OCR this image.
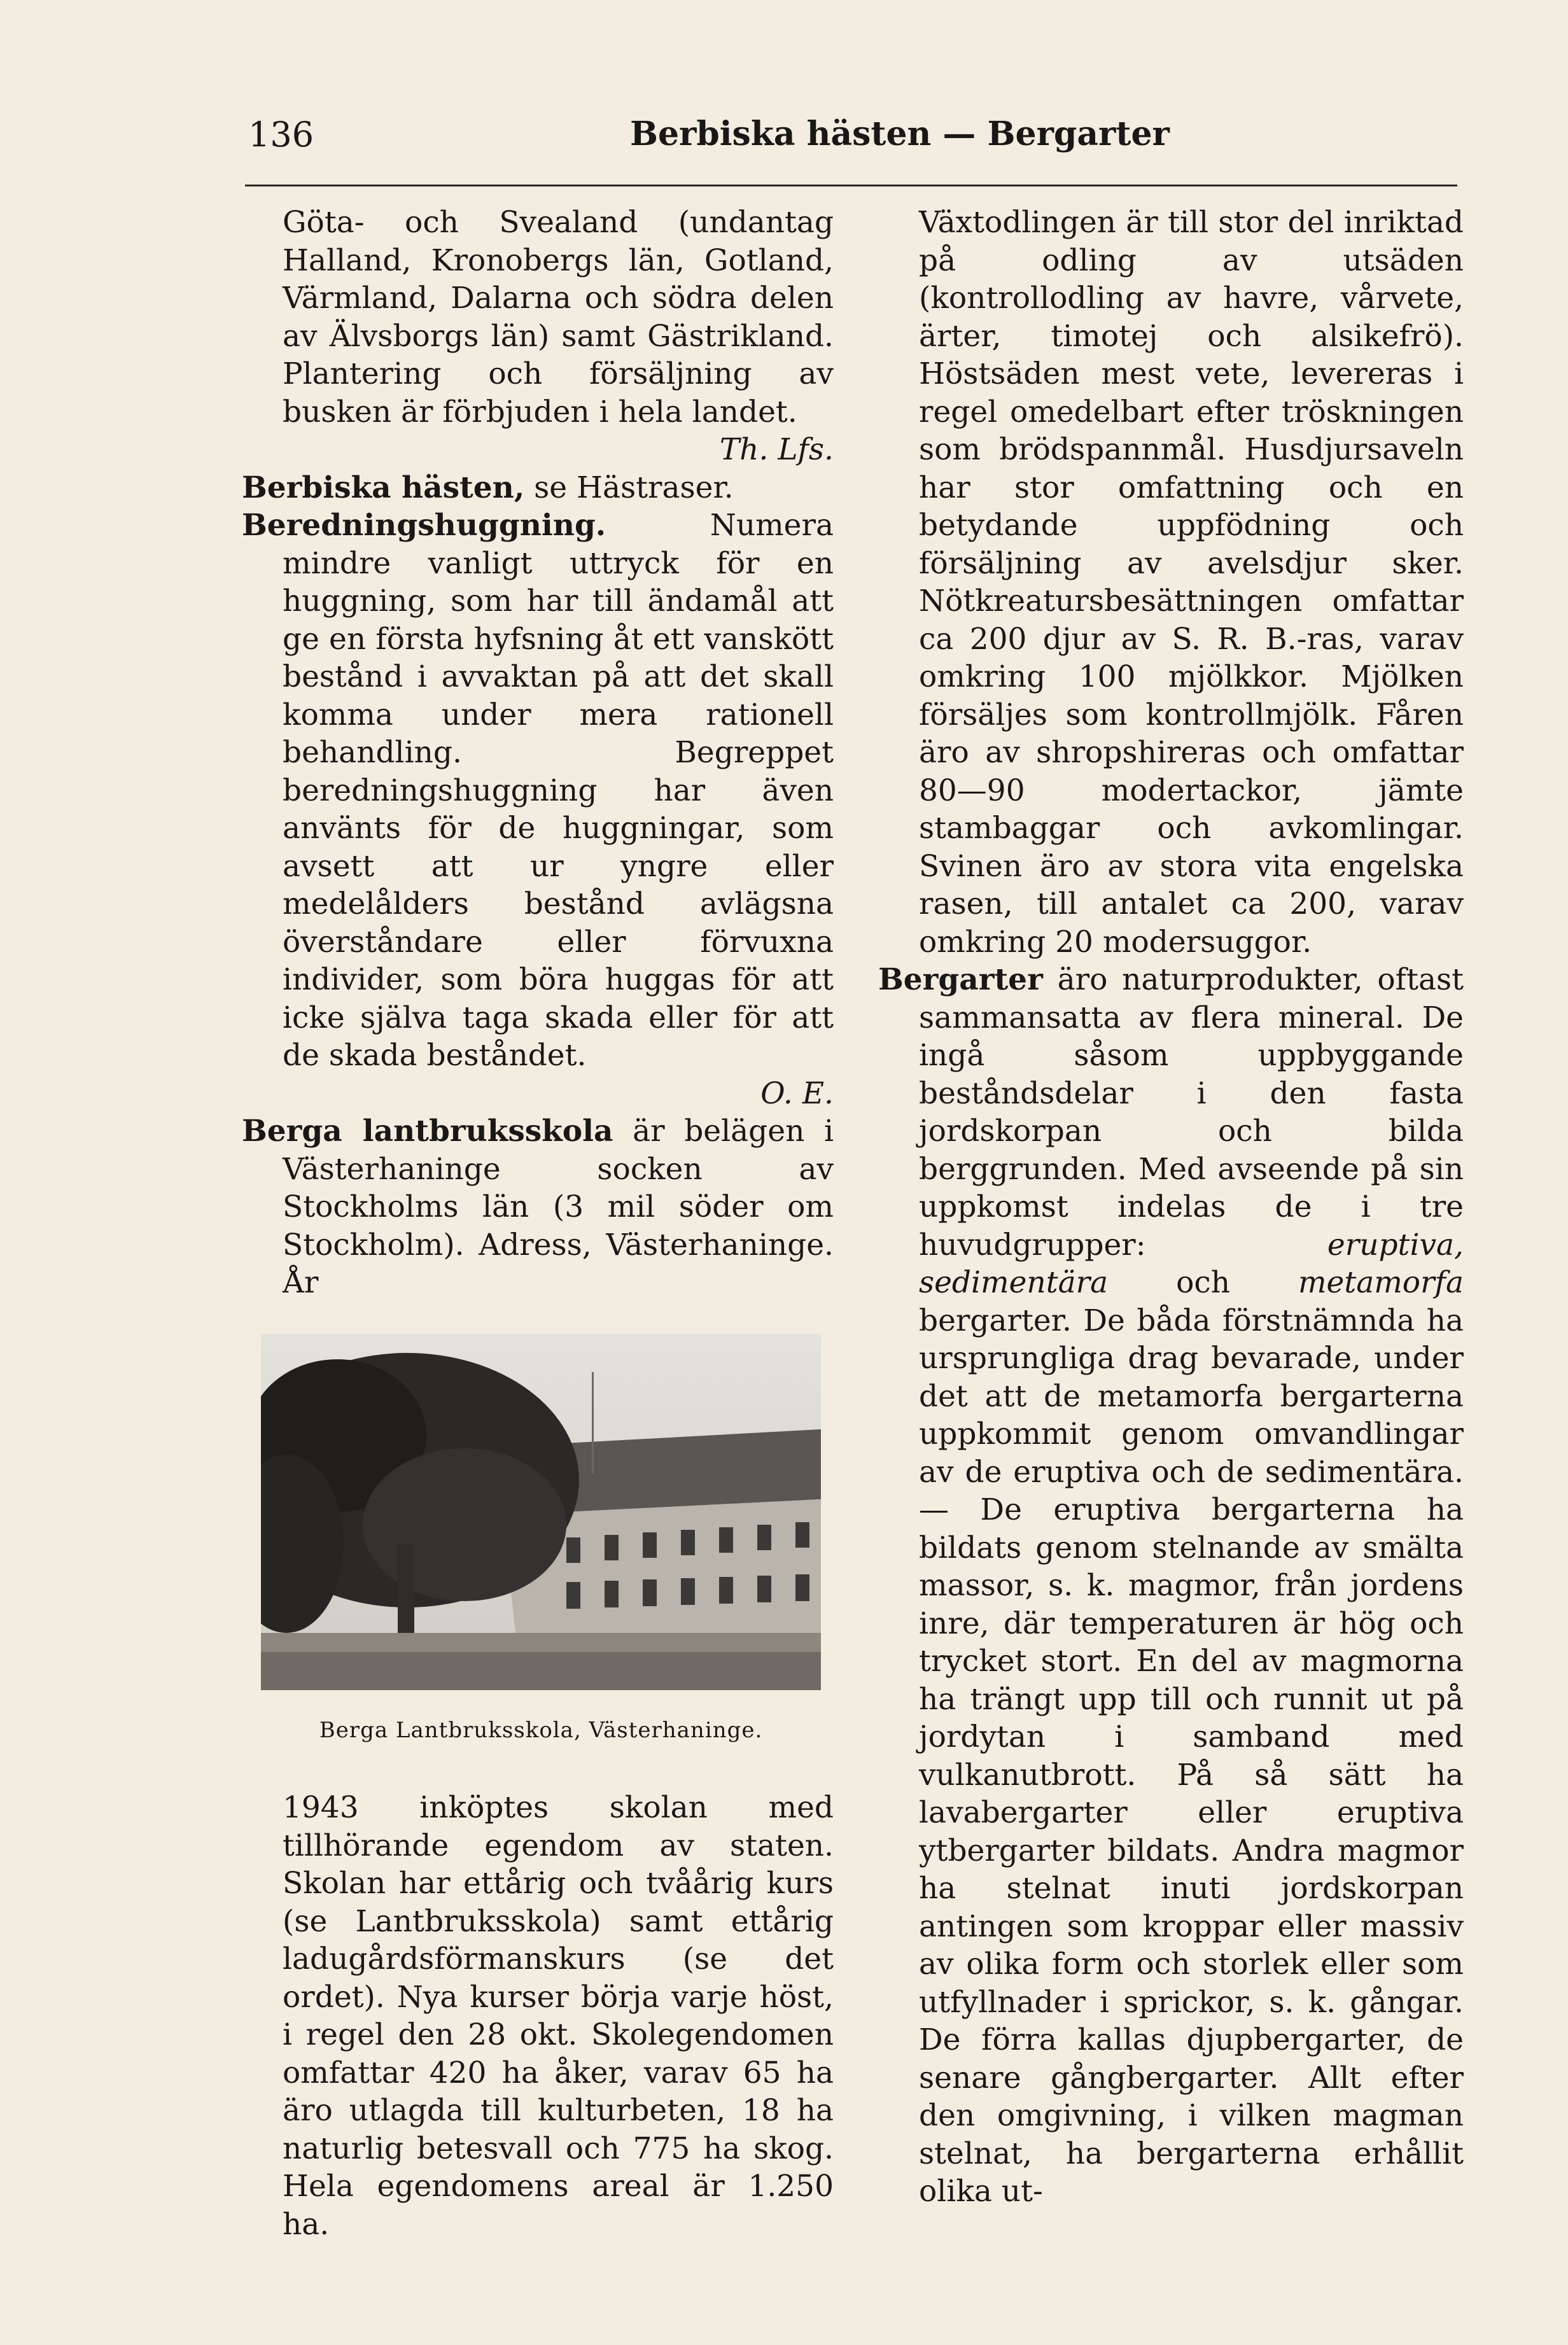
136	Berbiska hästen — Bergarter

Göta- och Svealand (undantag Halland, Kronobergs län, Gotland, Värmland, Dalarna och södra delen av Älvsborgs län) samt Gästrikland. Plantering och försäljning av busken är förbjuden i hela landet.
Th. Lfs.

Berbiska hästen, se Hästraser.

Beredningshuggning. Numera mindre vanligt uttryck för en huggning, som har till ändamål att ge en första hyfsning åt ett vanskött bestånd i avvaktan på att det skall komma under mera rationell behandling. Begreppet beredningshuggning har även använts för de huggningar, som avsett att ur yngre eller medelålders bestånd avlägsna överståndare eller förvuxna individer, som böra huggas för att icke själva taga skada eller för att de skada beståndet.
O. E.

Berga lantbruksskola är belägen i Västerhaninge socken av Stockholms län (3 mil söder om Stockholm). Adress, Västerhaninge. År

Berga Lantbruksskola, Västerhaninge.

1943 inköptes skolan med tillhörande egendom av staten. Skolan har ettårig och tvåårig kurs (se Lantbruksskola) samt ettårig ladugårdsförmanskurs (se det ordet). Nya kurser börja varje höst, i regel den 28 okt. Skolegendomen omfattar 420 ha åker, varav 65 ha äro utlagda till kulturbeten, 18 ha naturlig betesvall och 775 ha skog. Hela egendomens areal är 1.250 ha.

Växtodlingen är till stor del inriktad på odling av utsäden (kontrollodling av havre, vårvete, ärter, timotej och alsikefrö). Höstsäden mest vete, levereras i regel omedelbart efter tröskningen som brödspannmål. Husdjursaveln har stor omfattning och en betydande uppfödning och försäljning av avelsdjur sker. Nötkreatursbesättningen omfattar ca 200 djur av S. R. B.-ras, varav omkring 100 mjölkkor. Mjölken försäljes som kontrollmjölk. Fåren äro av shropshireras och omfattar 80—90 modertackor, jämte stambaggar och avkomlingar. Svinen äro av stora vita engelska rasen, till antalet ca 200, varav omkring 20 modersuggor.

Bergarter äro naturprodukter, oftast sammansatta av flera mineral. De ingå såsom uppbyggande beståndsdelar i den fasta jordskorpan och bilda berggrunden. Med avseende på sin uppkomst indelas de i tre huvudgrupper: eruptiva, sedimentära och metamorfa bergarter. De båda förstnämnda ha ursprungliga drag bevarade, under det att de metamorfa bergarterna uppkommit genom omvandlingar av de eruptiva och de sedimentära. — De eruptiva bergarterna ha bildats genom stelnande av smälta massor, s. k. magmor, från jordens inre, där temperaturen är hög och trycket stort. En del av magmorna ha trängt upp till och runnit ut på jordytan i samband med vulkanutbrott. På så sätt ha lavabergarter eller eruptiva ytbergarter bildats. Andra magmor ha stelnat inuti jordskorpan antingen som kroppar eller massiv av olika form och storlek eller som utfyllnader i sprickor, s. k. gångar. De förra kallas djupbergarter, de senare gångbergarter. Allt efter den omgivning, i vilken magman stelnat, ha bergarterna erhållit olika ut-
